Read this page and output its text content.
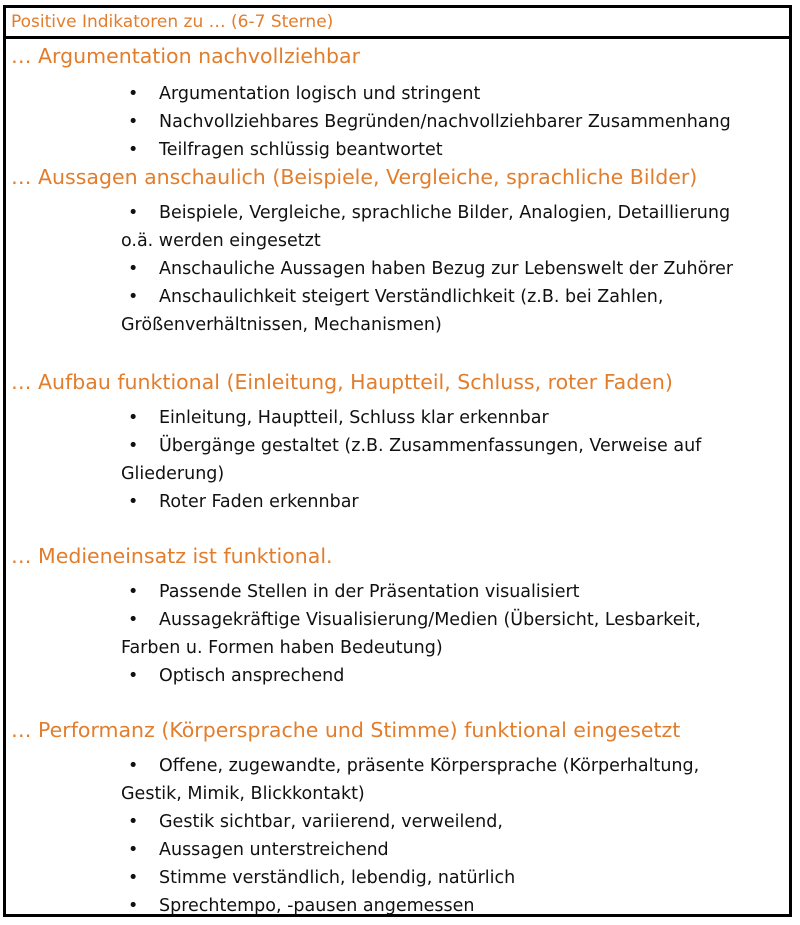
Positive Indikatoren zu … (6-7 Sterne)
… Argumentation nachvollziehbar
• Argumentation logisch und stringent
• Nachvollziehbares Begründen/nachvollziehbarer Zusammenhang
• Teilfragen schlüssig beantwortet
… Aussagen anschaulich (Beispiele, Vergleiche, sprachliche Bilder)
• Beispiele, Vergleiche, sprachliche Bilder, Analogien, Detaillierung
o.ä. werden eingesetzt
• Anschauliche Aussagen haben Bezug zur Lebenswelt der Zuhörer
• Anschaulichkeit steigert Verständlichkeit (z.B. bei Zahlen,
Größenverhältnissen, Mechanismen)
… Aufbau funktional (Einleitung, Hauptteil, Schluss, roter Faden)
• Einleitung, Hauptteil, Schluss klar erkennbar
• Übergänge gestaltet (z.B. Zusammenfassungen, Verweise auf
Gliederung)
• Roter Faden erkennbar
… Medieneinsatz ist funktional.
• Passende Stellen in der Präsentation visualisiert
• Aussagekräftige Visualisierung/Medien (Übersicht, Lesbarkeit,
Farben u. Formen haben Bedeutung)
• Optisch ansprechend
… Performanz (Körpersprache und Stimme) funktional eingesetzt
• Offene, zugewandte, präsente Körpersprache (Körperhaltung,
Gestik, Mimik, Blickkontakt)
• Gestik sichtbar, variierend, verweilend,
• Aussagen unterstreichend
• Stimme verständlich, lebendig, natürlich
• Sprechtempo, -pausen angemessen
